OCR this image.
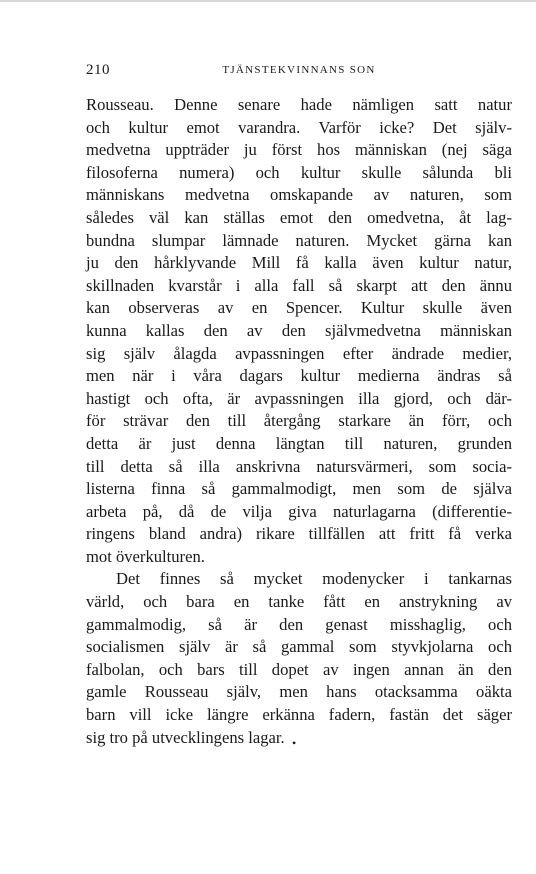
210	TJÄNSTEKVINNANS SON
Rousseau. Denne senare hade nämligen satt natur
och kultur emot varandra. Varför icke? Det själv-
medvetna uppträder ju först hos människan (nej säga
filosoferna numera) och kultur skulle sålunda bli
människans medvetna omskapande av naturen, som
således väl kan ställas emot den omedvetna, åt lag-
bundna slumpar lämnade naturen. Mycket gärna kan
ju den hårklyvande Mill få kalla även kultur natur,
skillnaden kvarstår i alla fall så skarpt att den ännu
kan observeras av en Spencer. Kultur skulle även
kunna kallas den av den självmedvetna människan
sig själv ålagda avpassningen efter ändrade medier,
men när i våra dagars kultur medierna ändras så
hastigt och ofta, är avpassningen illa gjord, och där-
för strävar den till återgång starkare än förr, och
detta är just denna längtan till naturen, grunden
till detta så illa anskrivna natursvärmeri, som socia-
listerna finna så gammalmodigt, men som de själva
arbeta på, då de vilja giva naturlagarna (differentie-
ringens bland andra) rikare tillfällen att fritt få verka
mot överkulturen.
Det finnes så mycket modenycker i tankarnas
värld, och bara en tanke fått en anstrykning av
gammalmodig, så är den genast misshaglig, och
socialismen själv är så gammal som styvkjolarna och
falbolan, och bars till dopet av ingen annan än den
gamle Rousseau själv, men hans otacksamma oäkta
barn vill icke längre erkänna fadern, fastän det säger
sig tro på utvecklingens lagar. •
